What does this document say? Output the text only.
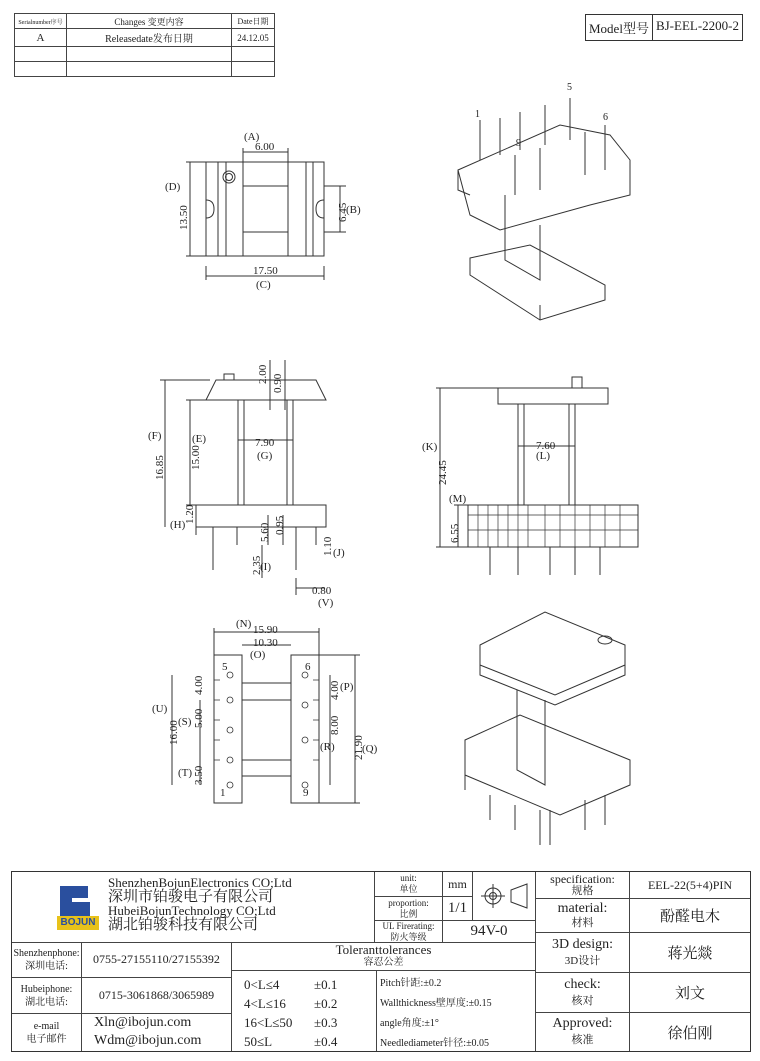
Serialnumber序号	Changes 变更内容	Date日期
A	Releasedate发布日期	24.12.05

Model型号 BJ-EEL-2200-2
(A)
6.00
17.50
(C)
(D)
(B)
13.50	6.45
1
5
6
9
2.00 0.90
(F)
16.85
(E)
15.00
7.90
(G)
(H)
1.20
5.60 0.95
2.35
(I)
1.10 (J)
0.80
(V)
(K)
24.45
7.60
(L)
(M)
6.55
(N) 15.90
10.30
(O)
(U)
16.00
(S) 5.00
(T) 3.50
4.00	4.00 (P)
8.00
(R) 21.90
(Q)
5
1
6
9
BOJUN
ShenzhenBojunElectronics CO;Ltd
深圳市铂骏电子有限公司
HubeiBojunTechnology CO;Ltd
湖北铂骏科技有限公司
unit:
单位	mm
proportion:
比例	1/1
UL Firerating:
防火等级	94V-0
specification:
规格	EEL-22(5+4)PIN
material:
材料	酚醛电木
3D design:
3D设计	蒋光燚
check:
核对	刘文
Approved:
核准	徐伯刚
Shenzhenphone:
深圳电话:	0755-27155110/27155392
Hubeiphone:
湖北电话:	0715-3061868/3065989
e-mail
电子邮件
Xln@ibojun.com
Wdm@ibojun.com
Toleranttolerances
容忍公差
0<L≤4	±0.1
4<L≤16 ±0.2
16<L≤50 ±0.3
50≤L	±0.4
Pitch针距:±0.2
Wallthickness壁厚度:±0.15
angle角度:±1°
Needlediameter针径:±0.05
